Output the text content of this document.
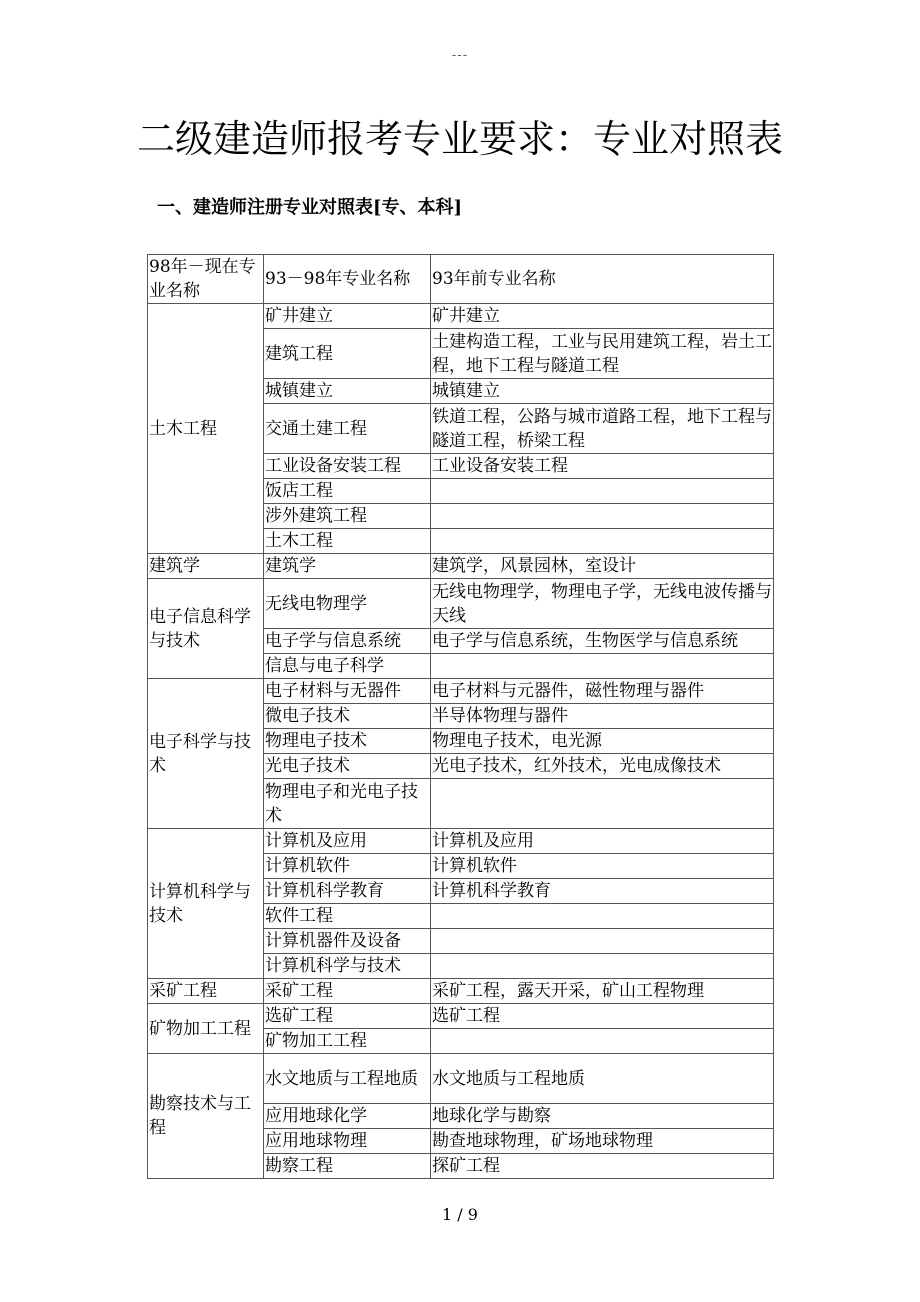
---
二级建造师报考专业要求：专业对照表
一、建造师注册专业对照表[专、本科]
98年－现在专业名称	93－98年专业名称	93年前专业名称
土木工程	矿井建立	矿井建立
	建筑工程	土建构造工程，工业与民用建筑工程，岩土工程，地下工程与隧道工程
	城镇建立	城镇建立
	交通土建工程	铁道工程，公路与城市道路工程，地下工程与隧道工程，桥梁工程
	工业设备安装工程	工业设备安装工程
	饭店工程	
	涉外建筑工程	
	土木工程	
建筑学	建筑学	建筑学，风景园林，室设计
电子信息科学与技术	无线电物理学	无线电物理学，物理电子学，无线电波传播与天线
	电子学与信息系统	电子学与信息系统，生物医学与信息系统
	信息与电子科学	
电子科学与技术	电子材料与无器件	电子材料与元器件，磁性物理与器件
	微电子技术	半导体物理与器件
	物理电子技术	物理电子技术，电光源
	光电子技术	光电子技术，红外技术，光电成像技术
	物理电子和光电子技术	
计算机科学与技术	计算机及应用	计算机及应用
	计算机软件	计算机软件
	计算机科学教育	计算机科学教育
	软件工程	
	计算机器件及设备	
	计算机科学与技术	
采矿工程	采矿工程	采矿工程，露天开采，矿山工程物理
矿物加工工程	选矿工程	选矿工程
	矿物加工工程	
勘察技术与工程	水文地质与工程地质	水文地质与工程地质
	应用地球化学	地球化学与勘察
	应用地球物理	勘查地球物理，矿场地球物理
	勘察工程	探矿工程
1 / 9
